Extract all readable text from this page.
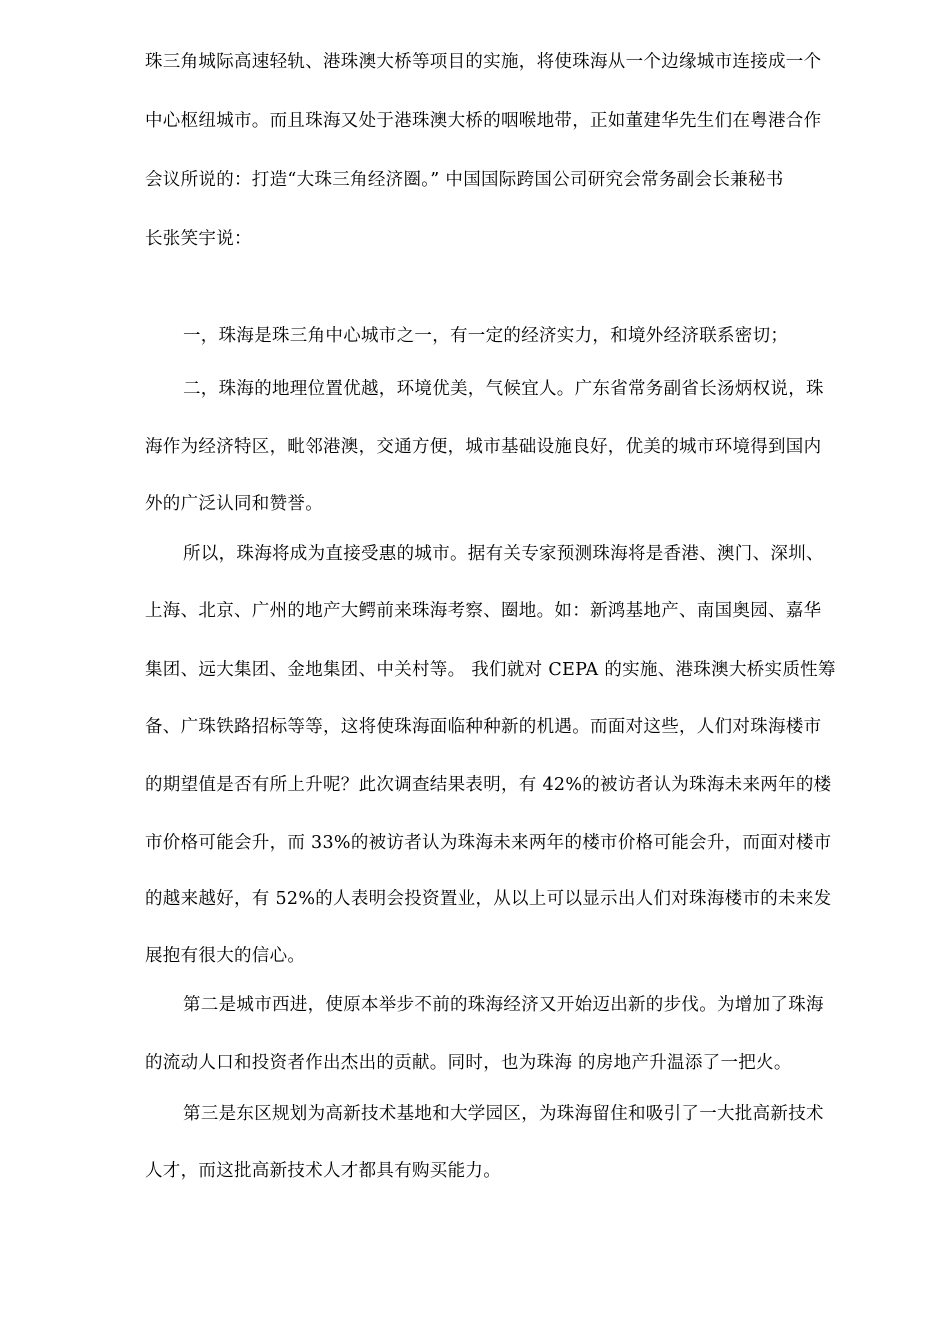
珠三角城际高速轻轨、港珠澳大桥等项目的实施，将使珠海从一个边缘城市连接成一个
中心枢纽城市。而且珠海又处于港珠澳大桥的咽喉地带，正如董建华先生们在粤港合作
会议所说的：打造“大珠三角经济圈。” 中国国际跨国公司研究会常务副会长兼秘书
长张笑宇说：
一，珠海是珠三角中心城市之一，有一定的经济实力，和境外经济联系密切；
二，珠海的地理位置优越，环境优美，气候宜人。广东省常务副省长汤炳权说，珠
海作为经济特区，毗邻港澳，交通方便，城市基础设施良好，优美的城市环境得到国内
外的广泛认同和赞誉。
所以，珠海将成为直接受惠的城市。据有关专家预测珠海将是香港、澳门、深圳、
上海、北京、广州的地产大鳄前来珠海考察、圈地。如：新鸿基地产、南国奥园、嘉华
集团、远大集团、金地集团、中关村等。 我们就对 CEPA 的实施、港珠澳大桥实质性筹
备、广珠铁路招标等等，这将使珠海面临种种新的机遇。而面对这些，人们对珠海楼市
的期望值是否有所上升呢？此次调查结果表明，有 42%的被访者认为珠海未来两年的楼
市价格可能会升，而 33%的被访者认为珠海未来两年的楼市价格可能会升，而面对楼市
的越来越好，有 52%的人表明会投资置业，从以上可以显示出人们对珠海楼市的未来发
展抱有很大的信心。
第二是城市西进，使原本举步不前的珠海经济又开始迈出新的步伐。为增加了珠海
的流动人口和投资者作出杰出的贡献。同时，也为珠海 的房地产升温添了一把火。
第三是东区规划为高新技术基地和大学园区，为珠海留住和吸引了一大批高新技术
人才，而这批高新技术人才都具有购买能力。
